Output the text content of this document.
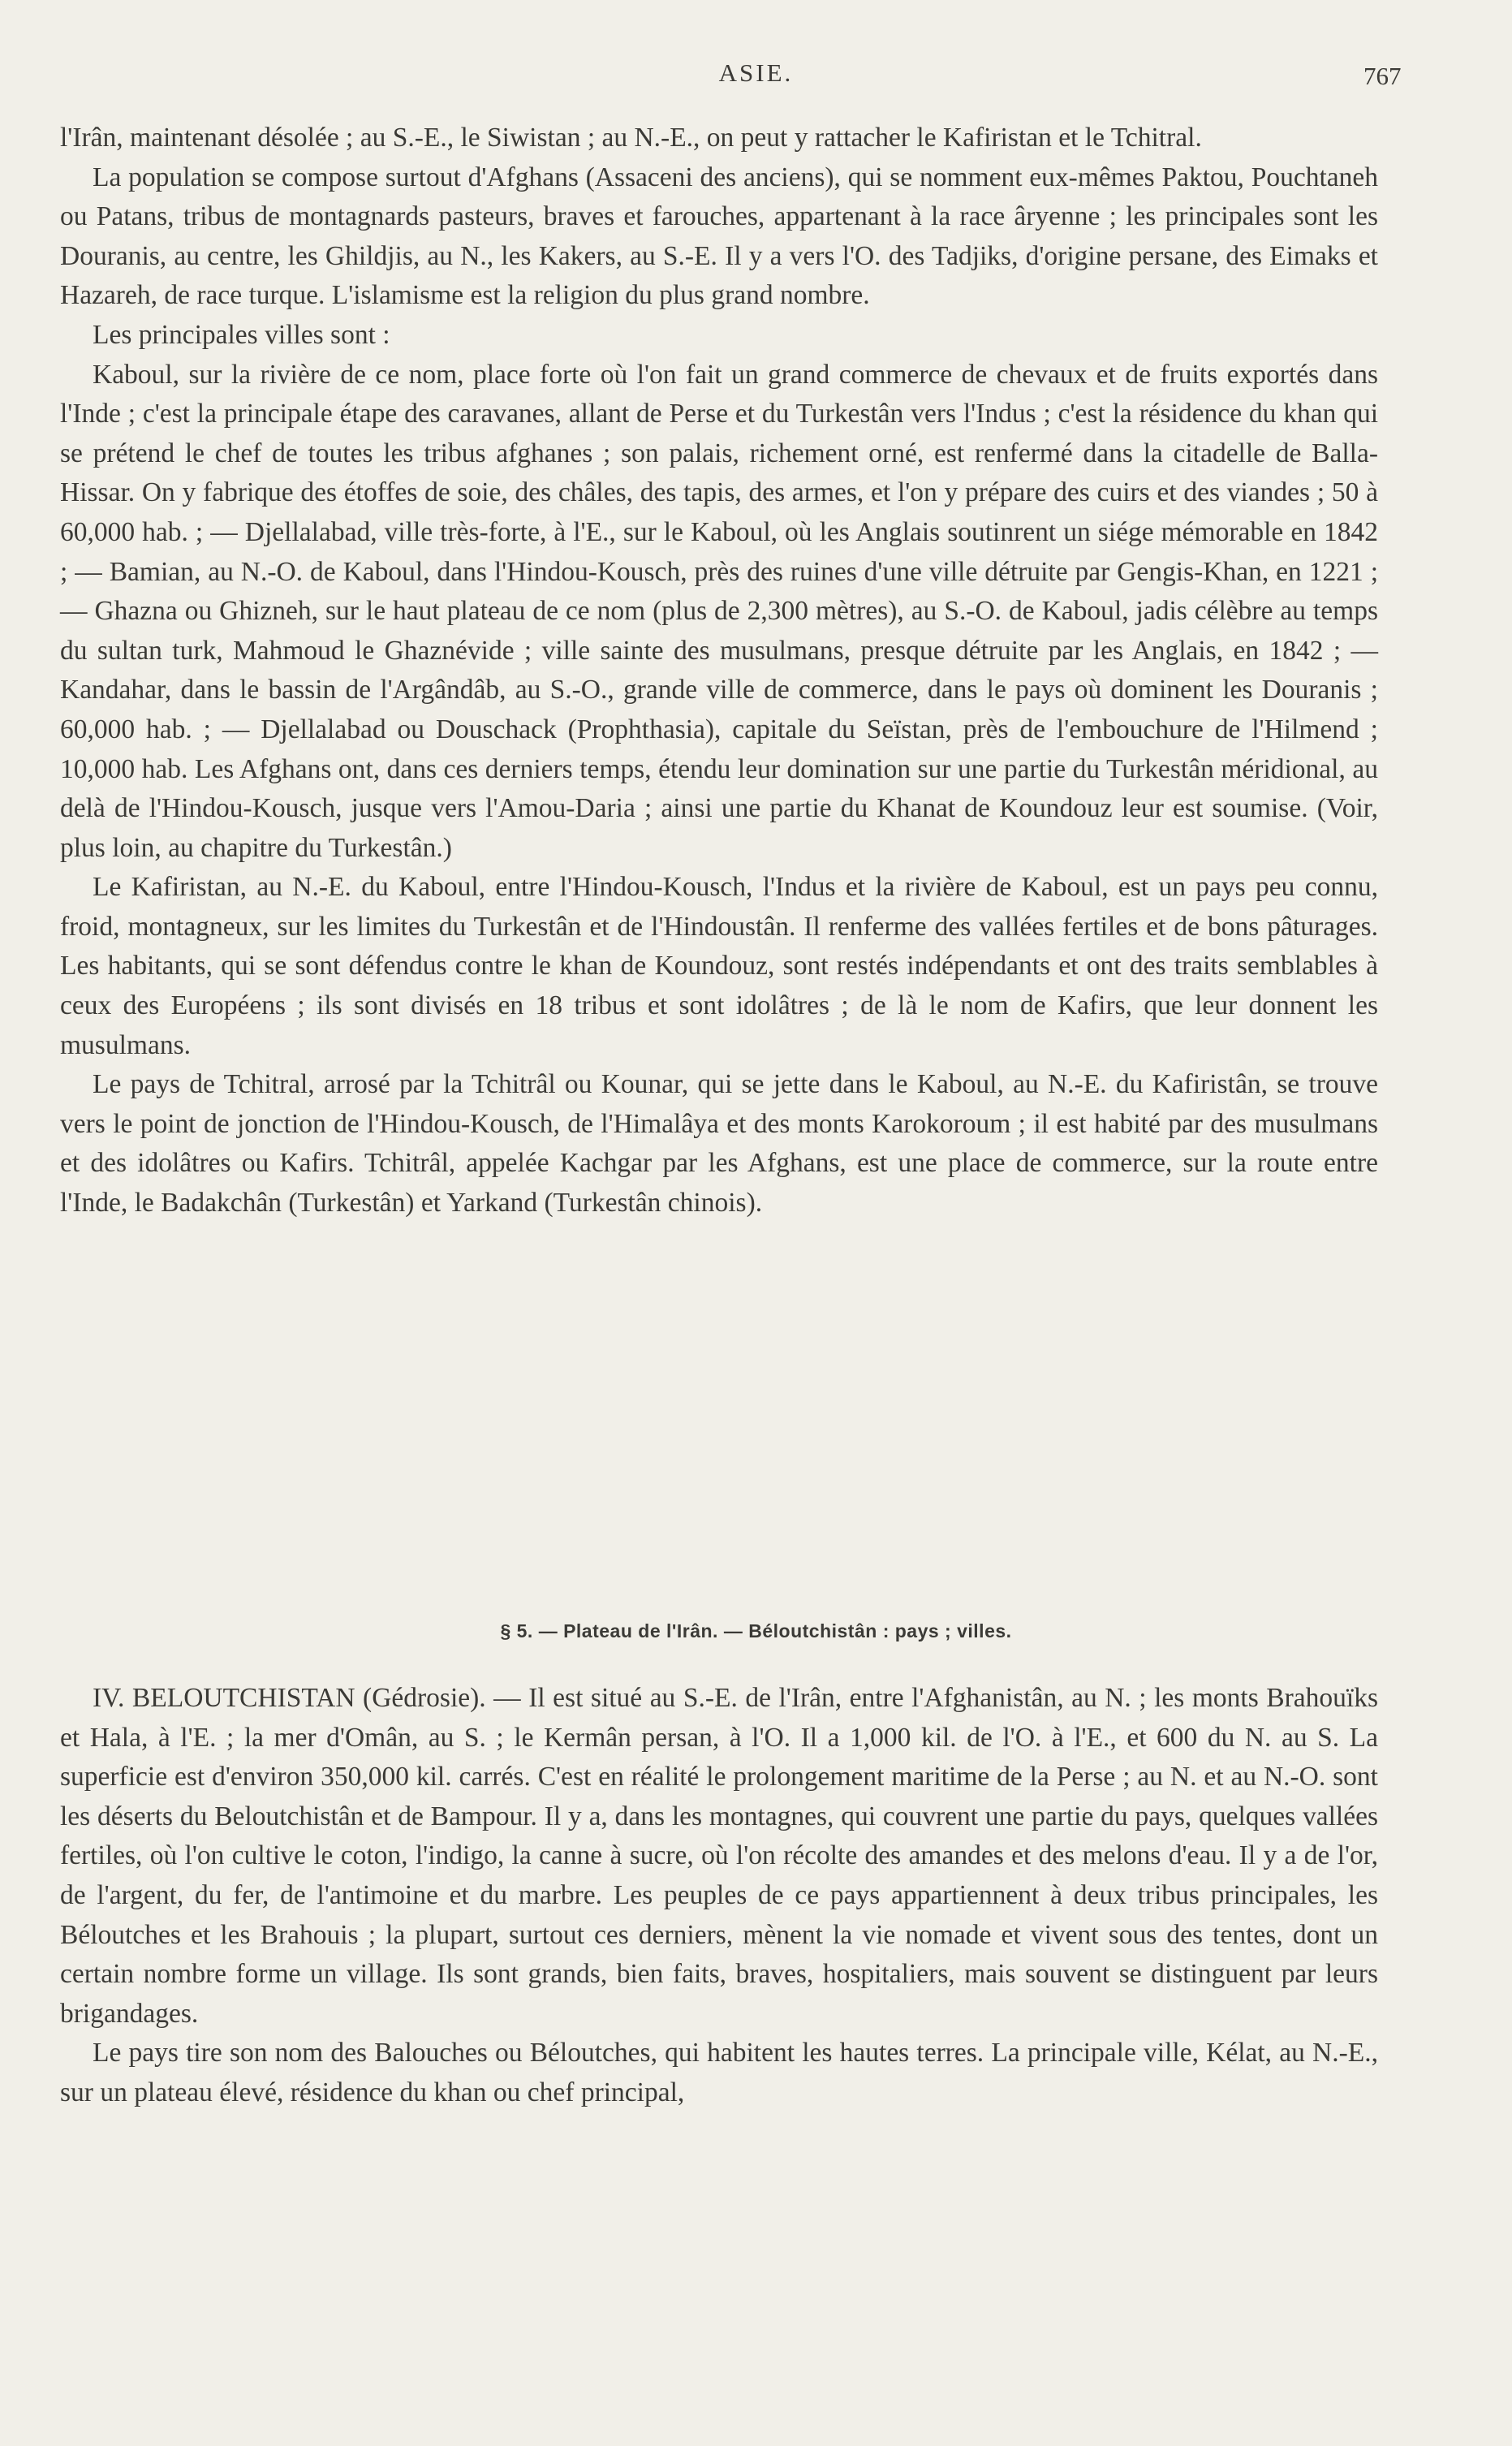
ASIE.	767

l'Irân, maintenant désolée ; au S.-E., le Siwistan ; au N.-E., on peut y rattacher le Kafiristan et le Tchitral.

La population se compose surtout d'Afghans (Assaceni des anciens), qui se nomment eux-mêmes Paktou, Pouchtaneh ou Patans, tribus de montagnards pasteurs, braves et farouches, appartenant à la race âryenne ; les principales sont les Douranis, au centre, les Ghildjis, au N., les Kakers, au S.-E. Il y a vers l'O. des Tadjiks, d'origine persane, des Eimaks et Hazareh, de race turque. L'islamisme est la religion du plus grand nombre.

Les principales villes sont :

Kaboul, sur la rivière de ce nom, place forte où l'on fait un grand commerce de chevaux et de fruits exportés dans l'Inde ; c'est la principale étape des caravanes, allant de Perse et du Turkestân vers l'Indus ; c'est la résidence du khan qui se prétend le chef de toutes les tribus afghanes ; son palais, richement orné, est renfermé dans la citadelle de Balla-Hissar. On y fabrique des étoffes de soie, des châles, des tapis, des armes, et l'on y prépare des cuirs et des viandes ; 50 à 60,000 hab. ; — Djellalabad, ville très-forte, à l'E., sur le Kaboul, où les Anglais soutinrent un siége mémorable en 1842 ; — Bamian, au N.-O. de Kaboul, dans l'Hindou-Kousch, près des ruines d'une ville détruite par Gengis-Khan, en 1221 ; — Ghazna ou Ghizneh, sur le haut plateau de ce nom (plus de 2,300 mètres), au S.-O. de Kaboul, jadis célèbre au temps du sultan turk, Mahmoud le Ghaznévide ; ville sainte des musulmans, presque détruite par les Anglais, en 1842 ; — Kandahar, dans le bassin de l'Argândâb, au S.-O., grande ville de commerce, dans le pays où dominent les Douranis ; 60,000 hab. ; — Djellalabad ou Douschack (Prophthasia), capitale du Seïstan, près de l'embouchure de l'Hilmend ; 10,000 hab. Les Afghans ont, dans ces derniers temps, étendu leur domination sur une partie du Turkestân méridional, au delà de l'Hindou-Kousch, jusque vers l'Amou-Daria ; ainsi une partie du Khanat de Koundouz leur est soumise. (Voir, plus loin, au chapitre du Turkestân.)

Le Kafiristan, au N.-E. du Kaboul, entre l'Hindou-Kousch, l'Indus et la rivière de Kaboul, est un pays peu connu, froid, montagneux, sur les limites du Turkestân et de l'Hindoustân. Il renferme des vallées fertiles et de bons pâturages. Les habitants, qui se sont défendus contre le khan de Koundouz, sont restés indépendants et ont des traits semblables à ceux des Européens ; ils sont divisés en 18 tribus et sont idolâtres ; de là le nom de Kafirs, que leur donnent les musulmans.

Le pays de Tchitral, arrosé par la Tchitrâl ou Kounar, qui se jette dans le Kaboul, au N.-E. du Kafiristân, se trouve vers le point de jonction de l'Hindou-Kousch, de l'Himalâya et des monts Karokoroum ; il est habité par des musulmans et des idolâtres ou Kafirs. Tchitrâl, appelée Kachgar par les Afghans, est une place de commerce, sur la route entre l'Inde, le Badakchân (Turkestân) et Yarkand (Turkestân chinois).

§ 5. — Plateau de l'Irân. — Béloutchistân : pays ; villes.

IV. BELOUTCHISTAN (Gédrosie). — Il est situé au S.-E. de l'Irân, entre l'Afghanistân, au N. ; les monts Brahouïks et Hala, à l'E. ; la mer d'Omân, au S. ; le Kermân persan, à l'O. Il a 1,000 kil. de l'O. à l'E., et 600 du N. au S. La superficie est d'environ 350,000 kil. carrés. C'est en réalité le prolongement maritime de la Perse ; au N. et au N.-O. sont les déserts du Beloutchistân et de Bampour. Il y a, dans les montagnes, qui couvrent une partie du pays, quelques vallées fertiles, où l'on cultive le coton, l'indigo, la canne à sucre, où l'on récolte des amandes et des melons d'eau. Il y a de l'or, de l'argent, du fer, de l'antimoine et du marbre. Les peuples de ce pays appartiennent à deux tribus principales, les Béloutches et les Brahouis ; la plupart, surtout ces derniers, mènent la vie nomade et vivent sous des tentes, dont un certain nombre forme un village. Ils sont grands, bien faits, braves, hospitaliers, mais souvent se distinguent par leurs brigandages.

Le pays tire son nom des Balouches ou Béloutches, qui habitent les hautes terres. La principale ville, Kélat, au N.-E., sur un plateau élevé, résidence du khan ou chef principal,
